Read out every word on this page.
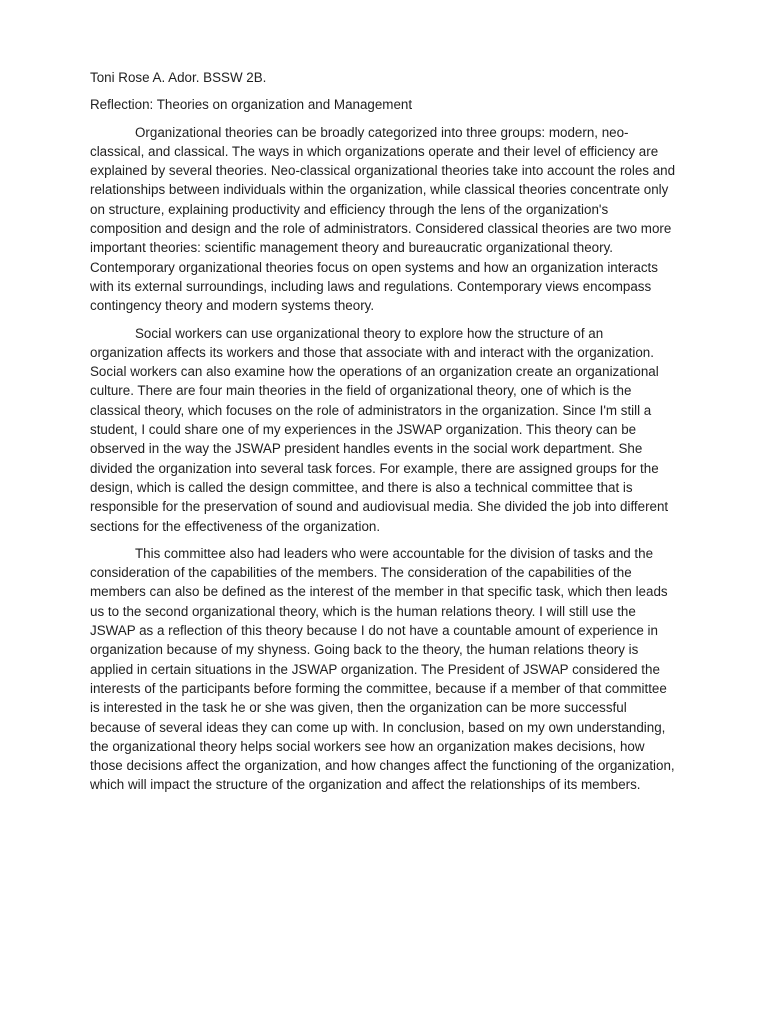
Toni Rose A. Ador. BSSW 2B.

Reflection: Theories on organization and Management

Organizational theories can be broadly categorized into three groups: modern, neo-classical, and classical. The ways in which organizations operate and their level of efficiency are explained by several theories. Neo-classical organizational theories take into account the roles and relationships between individuals within the organization, while classical theories concentrate only on structure, explaining productivity and efficiency through the lens of the organization's composition and design and the role of administrators. Considered classical theories are two more important theories: scientific management theory and bureaucratic organizational theory. Contemporary organizational theories focus on open systems and how an organization interacts with its external surroundings, including laws and regulations. Contemporary views encompass contingency theory and modern systems theory.

Social workers can use organizational theory to explore how the structure of an organization affects its workers and those that associate with and interact with the organization. Social workers can also examine how the operations of an organization create an organizational culture. There are four main theories in the field of organizational theory, one of which is the classical theory, which focuses on the role of administrators in the organization. Since I'm still a student, I could share one of my experiences in the JSWAP organization. This theory can be observed in the way the JSWAP president handles events in the social work department. She divided the organization into several task forces. For example, there are assigned groups for the design, which is called the design committee, and there is also a technical committee that is responsible for the preservation of sound and audiovisual media. She divided the job into different sections for the effectiveness of the organization.

This committee also had leaders who were accountable for the division of tasks and the consideration of the capabilities of the members. The consideration of the capabilities of the members can also be defined as the interest of the member in that specific task, which then leads us to the second organizational theory, which is the human relations theory. I will still use the JSWAP as a reflection of this theory because I do not have a countable amount of experience in organization because of my shyness. Going back to the theory, the human relations theory is applied in certain situations in the JSWAP organization. The President of JSWAP considered the interests of the participants before forming the committee, because if a member of that committee is interested in the task he or she was given, then the organization can be more successful because of several ideas they can come up with. In conclusion, based on my own understanding, the organizational theory helps social workers see how an organization makes decisions, how those decisions affect the organization, and how changes affect the functioning of the organization, which will impact the structure of the organization and affect the relationships of its members.
